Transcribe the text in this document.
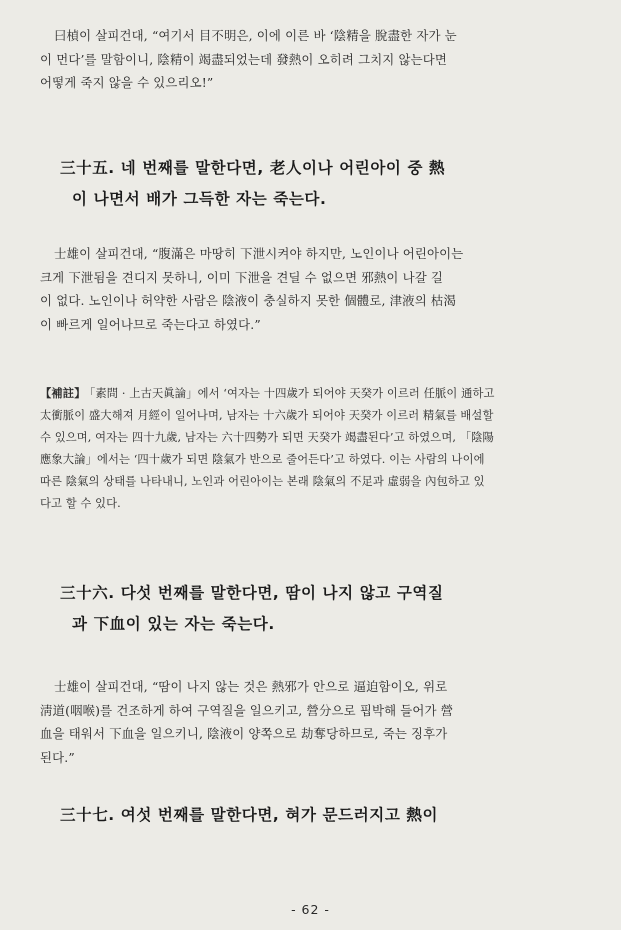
曰楨이 살피건대, “여기서 目不明은, 이에 이른 바 ‘陰精을 脫盡한 자가 눈
이 먼다’를 말함이니, 陰精이 竭盡되었는데 發熱이 오히려 그치지 않는다면
어떻게 죽지 않을 수 있으리오!”

三十五. 네 번째를 말한다면, 老人이나 어린아이 중 熱
이 나면서 배가 그득한 자는 죽는다.

士雄이 살피건대, “腹滿은 마땅히 下泄시켜야 하지만, 노인이나 어린아이는
크게 下泄됨을 견디지 못하니, 이미 下泄을 견딜 수 없으면 邪熱이 나갈 길
이 없다. 노인이나 허약한 사람은 陰液이 충실하지 못한 個體로, 津液의 枯渴
이 빠르게 일어나므로 죽는다고 하였다.”

【補註】 「素問 · 上古天眞論」에서 ‘여자는 十四歲가 되어야 天癸가 이르러 任脈이 通하고
太衝脈이 盛大해져 月經이 일어나며, 남자는 十六歲가 되어야 天癸가 이르러 精氣를 배설할
수 있으며, 여자는 四十九歲, 남자는 六十四勢가 되면 天癸가 竭盡된다’고 하였으며, 「陰陽
應象大論」에서는 ‘四十歲가 되면 陰氣가 반으로 줄어든다’고 하였다. 이는 사람의 나이에
따른 陰氣의 상태를 나타내니, 노인과 어린아이는 본래 陰氣의 不足과 虛弱을 內包하고 있
다고 할 수 있다.

三十六. 다섯 번째를 말한다면, 땀이 나지 않고 구역질
과 下血이 있는 자는 죽는다.

士雄이 살피건대, “땀이 나지 않는 것은 熱邪가 안으로 逼迫함이오, 위로
淸道(咽喉)를 건조하게 하여 구역질을 일으키고, 營分으로 핍박해 들어가 營
血을 태워서 下血을 일으키니, 陰液이 양쪽으로 劫奪당하므로, 죽는 징후가
된다.”

三十七. 여섯 번째를 말한다면, 혀가 문드러지고 熱이
- 62 -
